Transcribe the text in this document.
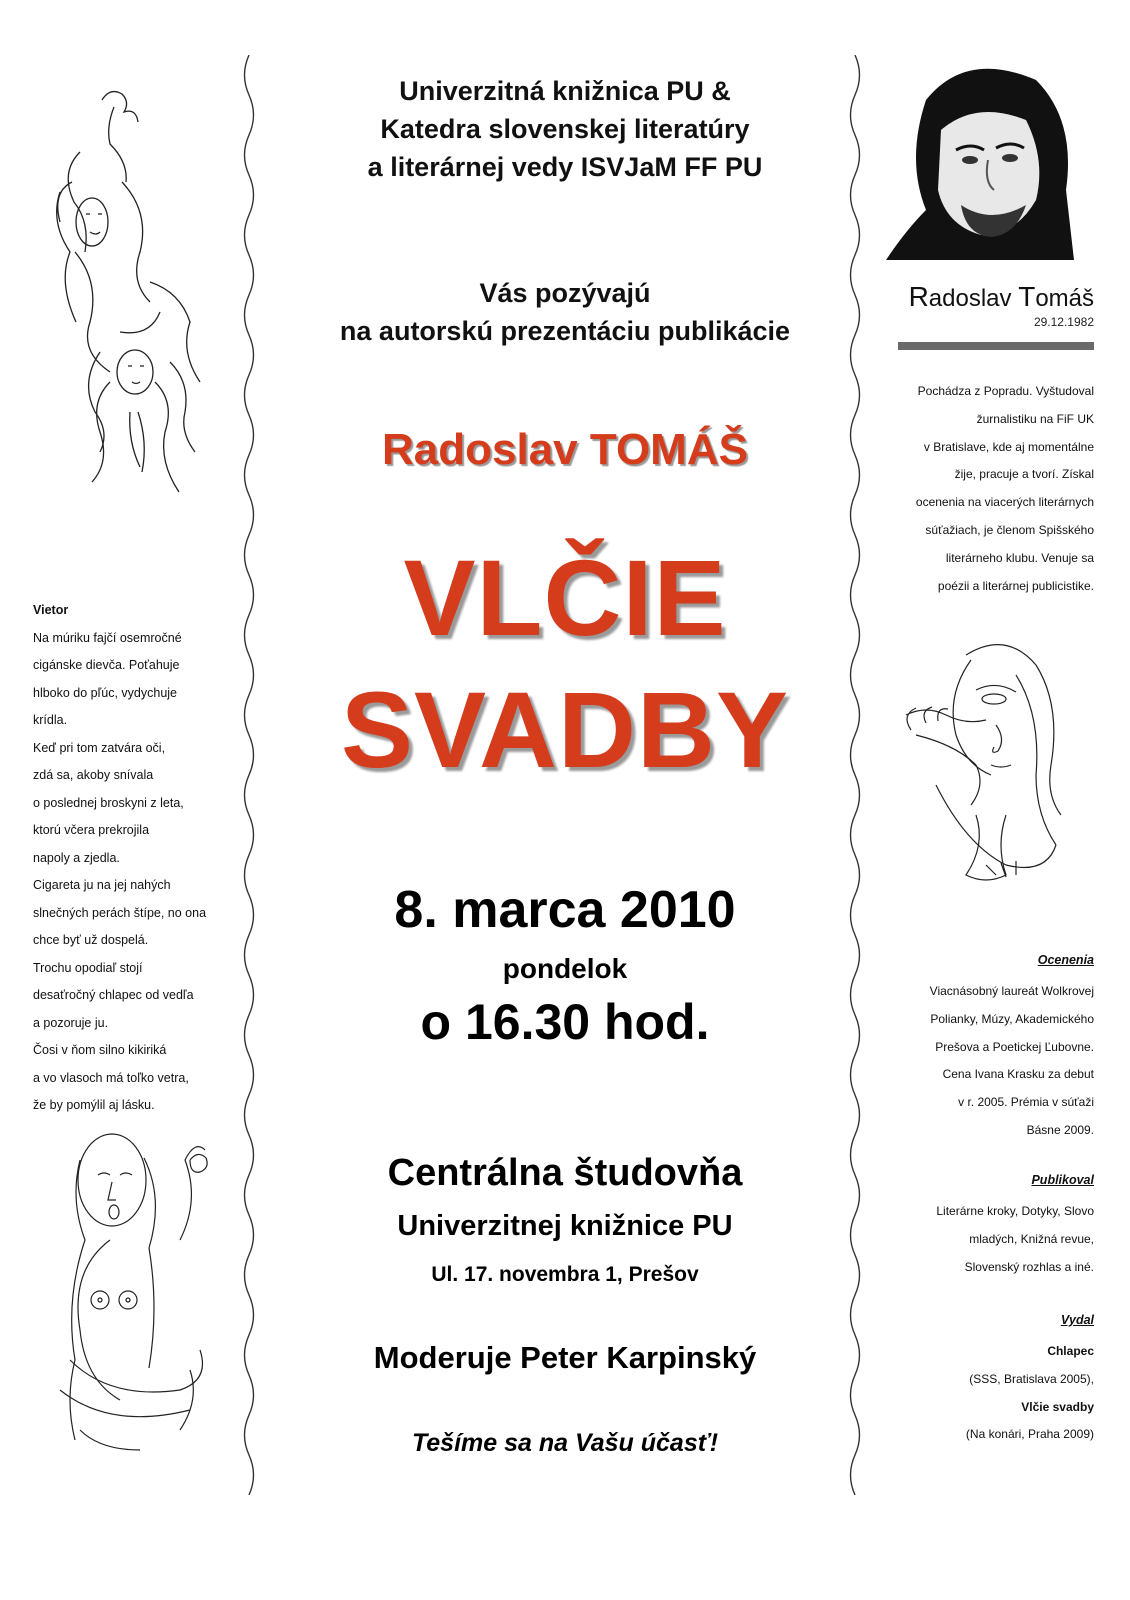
Univerzitná knižnica PU &
Katedra slovenskej literatúry
a literárnej vedy ISVJaM FF PU
Vás pozývajú
na autorskú prezentáciu publikácie
Radoslav TOMÁŠ
VLČIE
SVADBY
8. marca 2010
pondelok
o 16.30 hod.
Centrálna študovňa
Univerzitnej knižnice PU
Ul. 17. novembra 1, Prešov
Moderuje Peter Karpinský
Tešíme sa na Vašu účasť!
Vietor
Na múriku fajčí osemročné
cigánske dievča. Poťahuje
hlboko do pľúc, vydychuje
krídla.
Keď pri tom zatvára oči,
zdá sa, akoby snívala
o poslednej broskyni z leta,
ktorú včera prekrojila
napoly a zjedla.
Cigareta ju na jej nahých
slnečných perách štípe, no ona
chce byť už dospelá.
Trochu opodiaľ stojí
desaťročný chlapec od vedľa
a pozoruje ju.
Čosi v ňom silno kikiriká
a vo vlasoch má toľko vetra,
že by pomýlil aj lásku.
Radoslav Tomáš
29.12.1982
Pochádza z Popradu. Vyštudoval
žurnalistiku na FiF UK
v Bratislave, kde aj momentálne
žije, pracuje a tvorí. Získal
ocenenia na viacerých literárnych
súťažiach, je členom Spišského
literárneho klubu. Venuje sa
poézii a literárnej publicistike.
Ocenenia
Viacnásobný laureát Wolkrovej
Polianky, Múzy, Akademického
Prešova a Poetickej Ľubovne.
Cena Ivana Krasku za debut
v r. 2005. Prémia v súťaži
Básne 2009.
Publikoval
Literárne kroky, Dotyky, Slovo
mladých, Knižná revue,
Slovenský rozhlas a iné.
Vydal
Chlapec
(SSS, Bratislava 2005),
Vlčie svadby
(Na konári, Praha 2009)
